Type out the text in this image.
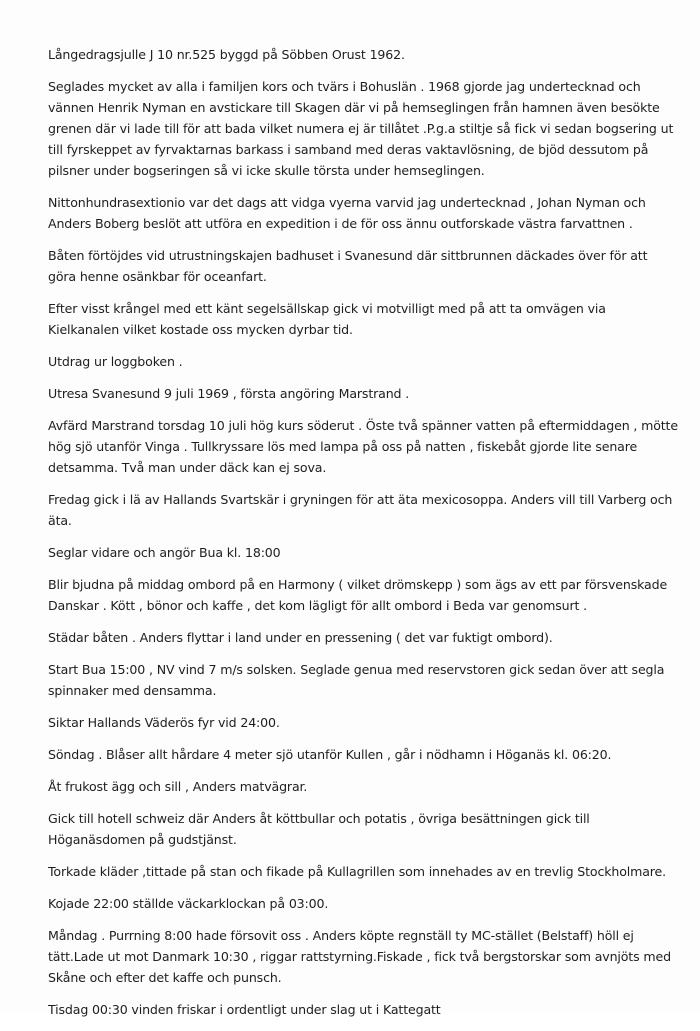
Långedragsjulle J 10 nr.525 byggd på Söbben Orust 1962.

Seglades mycket av alla i familjen kors och tvärs i Bohuslän . 1968 gjorde jag undertecknad och vännen Henrik Nyman en avstickare till Skagen där vi på hemseglingen från hamnen även besökte grenen där vi lade till för att bada vilket numera ej är tillåtet .P.g.a stiltje så fick vi sedan bogsering ut till fyrskeppet av fyrvaktarnas barkass i samband med deras vaktavlösning, de bjöd dessutom på pilsner under bogseringen så vi icke skulle törsta under hemseglingen.

Nittonhundrasextionio var det dags att vidga vyerna varvid jag undertecknad , Johan Nyman och Anders Boberg beslöt att utföra en expedition i de för oss ännu outforskade västra farvattnen .

Båten förtöjdes vid utrustningskajen badhuset i Svanesund där sittbrunnen däckades över för att göra henne osänkbar för oceanfart.

Efter visst krångel med ett känt segelsällskap gick vi motvilligt med på att ta omvägen via Kielkanalen vilket kostade oss mycken dyrbar tid.

Utdrag ur loggboken .

Utresa Svanesund 9 juli 1969 , första angöring Marstrand .

Avfärd Marstrand torsdag 10 juli hög kurs söderut . Öste två spänner vatten på eftermiddagen , mötte hög sjö utanför Vinga . Tullkryssare lös med lampa på oss på natten , fiskebåt gjorde lite senare detsamma. Två man under däck kan ej sova.

Fredag gick i lä av Hallands Svartskär i gryningen för att äta mexicosoppa. Anders vill till Varberg och äta.

Seglar vidare och angör Bua kl. 18:00

Blir bjudna på middag ombord på en Harmony ( vilket drömskepp ) som ägs av ett par försvenskade Danskar . Kött , bönor och kaffe , det kom lägligt för allt ombord i Beda var genomsurt .

Städar båten . Anders flyttar i land under en pressening ( det var fuktigt ombord).

Start Bua 15:00 , NV vind 7 m/s solsken. Seglade genua med reservstoren gick sedan över att segla spinnaker med densamma.

Siktar Hallands Väderös fyr vid 24:00.

Söndag . Blåser allt hårdare 4 meter sjö utanför Kullen , går i nödhamn i Höganäs kl. 06:20.

Åt frukost ägg och sill , Anders matvägrar.

Gick till hotell schweiz där Anders åt köttbullar och potatis , övriga besättningen gick till Höganäsdomen på gudstjänst.

Torkade kläder ,tittade på stan och fikade på Kullagrillen som innehades av en trevlig Stockholmare.

Kojade 22:00 ställde väckarklockan på 03:00.

Måndag . Purrning 8:00 hade försovit oss . Anders köpte regnställ ty MC-stället (Belstaff) höll ej tätt.Lade ut mot Danmark 10:30 , riggar rattstyrning.Fiskade , fick två bergstorskar som avnjöts med Skåne och efter det kaffe och punsch.

Tisdag 00:30 vinden friskar i ordentligt under slag ut i Kattegatt
